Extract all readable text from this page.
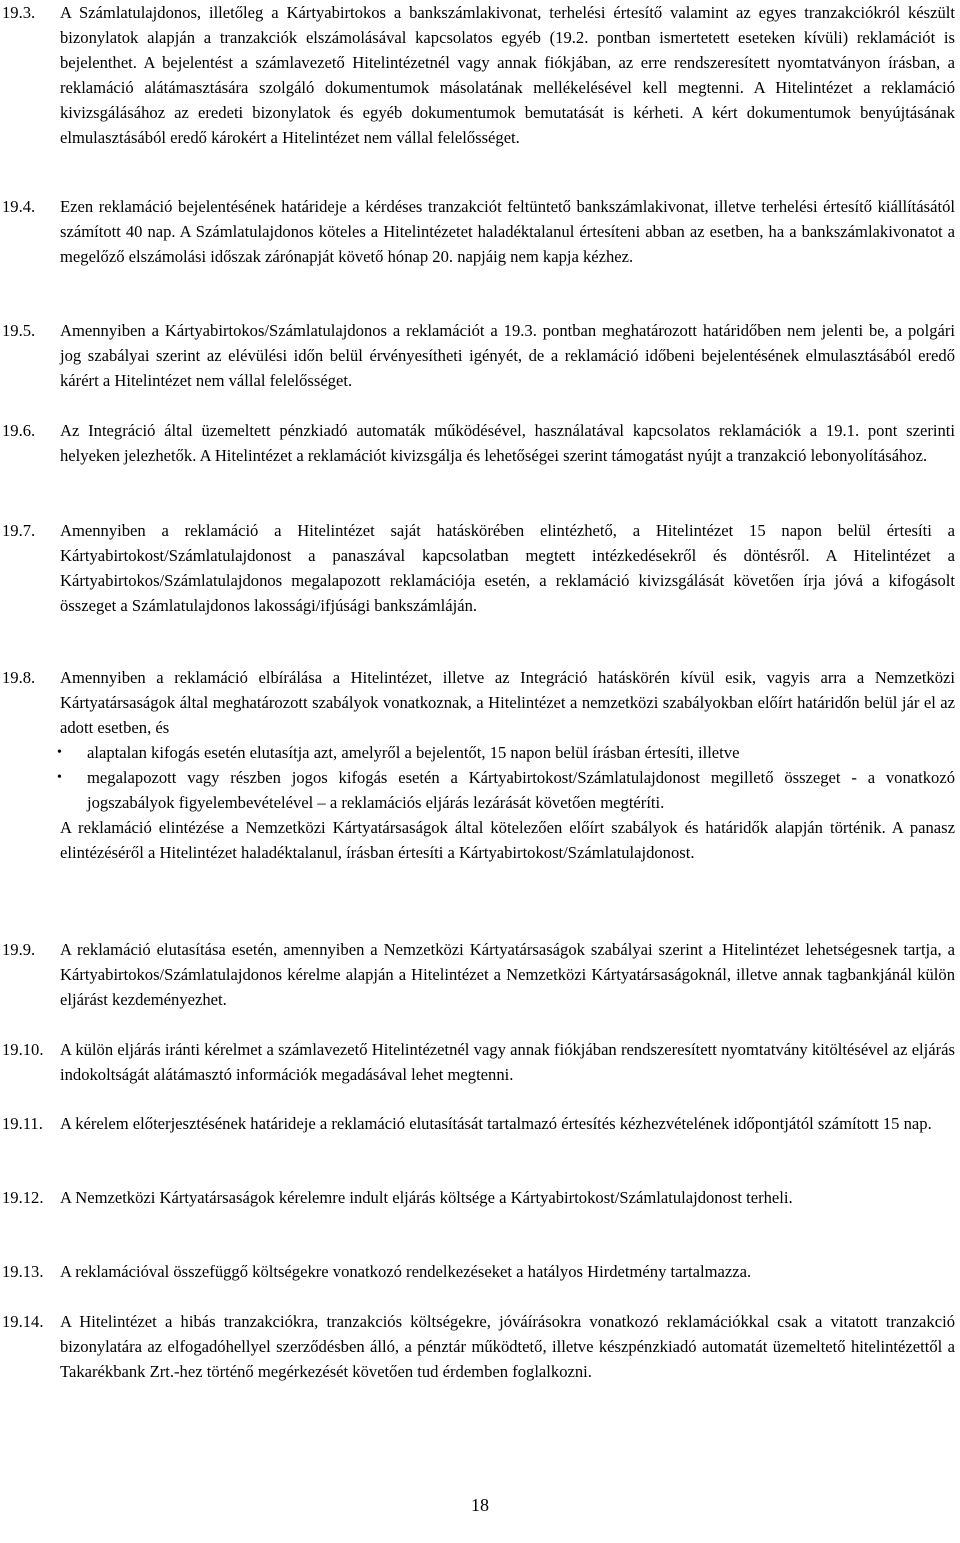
19.3.	A Számlatulajdonos, illetőleg a Kártyabirtokos a bankszámlakivonat, terhelési értesítő valamint az egyes tranzakciókról készült bizonylatok alapján a tranzakciók elszámolásával kapcsolatos egyéb (19.2. pontban ismertetett eseteken kívüli) reklamációt is bejelenthet. A bejelentést a számlavezető Hitelintézetnél vagy annak fiókjában, az erre rendszeresített nyomtatványon írásban, a reklamáció alátámasztására szolgáló dokumentumok másolatának mellékelésével kell megtenni. A Hitelintézet a reklamáció kivizsgálásához az eredeti bizonylatok és egyéb dokumentumok bemutatását is kérheti. A kért dokumentumok benyújtásának elmulasztásából eredő károkért a Hitelintézet nem vállal felelősséget.
19.4.	Ezen reklamáció bejelentésének határideje a kérdéses tranzakciót feltüntető bankszámlakivonat, illetve terhelési értesítő kiállításától számított 40 nap. A Számlatulajdonos köteles a Hitelintézetet haladéktalanul értesíteni abban az esetben, ha a bankszámlakivonatot a megelőző elszámolási időszak zárónapját követő hónap 20. napjáig nem kapja kézhez.
19.5.	Amennyiben a Kártyabirtokos/Számlatulajdonos a reklamációt a 19.3. pontban meghatározott határidőben nem jelenti be, a polgári jog szabályai szerint az elévülési időn belül érvényesítheti igényét, de a reklamáció időbeni bejelentésének elmulasztásából eredő kárért a Hitelintézet nem vállal felelősséget.
19.6.	Az Integráció által üzemeltett pénzkiadó automaták működésével, használatával kapcsolatos reklamációk a 19.1. pont szerinti helyeken jelezhetők. A Hitelintézet a reklamációt kivizsgálja és lehetőségei szerint támogatást nyújt a tranzakció lebonyolításához.
19.7.	Amennyiben a reklamáció a Hitelintézet saját hatáskörében elintézhető, a Hitelintézet 15 napon belül értesíti a Kártyabirtokost/Számlatulajdonost a panaszával kapcsolatban megtett intézkedésekről és döntésről. A Hitelintézet a Kártyabirtokos/Számlatulajdonos megalapozott reklamációja esetén, a reklamáció kivizsgálását követően írja jóvá a kifogásolt összeget a Számlatulajdonos lakossági/ifjúsági bankszámláján.
19.8.	Amennyiben a reklamáció elbírálása a Hitelintézet, illetve az Integráció hatáskörén kívül esik, vagyis arra a Nemzetközi Kártyatársaságok által meghatározott szabályok vonatkoznak, a Hitelintézet a nemzetközi szabályokban előírt határidőn belül jár el az adott esetben, és

•	alaptalan kifogás esetén elutasítja azt, amelyről a bejelentőt, 15 napon belül írásban értesíti, illetve
•	megalapozott vagy részben jogos kifogás esetén a Kártyabirtokost/Számlatulajdonost megillető összeget - a vonatkozó jogszabályok figyelembevételével – a reklamációs eljárás lezárását követően megtéríti.

A reklamáció elintézése a Nemzetközi Kártyatársaságok által kötelezően előírt szabályok és határidők alapján történik. A panasz elintézéséről a Hitelintézet haladéktalanul, írásban értesíti a Kártyabirtokost/Számlatulajdonost.

19.9.	A reklamáció elutasítása esetén, amennyiben a Nemzetközi Kártyatársaságok szabályai szerint a Hitelintézet lehetségesnek tartja, a Kártyabirtokos/Számlatulajdonos kérelme alapján a Hitelintézet a Nemzetközi Kártyatársaságoknál, illetve annak tagbankjánál külön eljárást kezdeményezhet.
19.10. A külön eljárás iránti kérelmet a számlavezető Hitelintézetnél vagy annak fiókjában rendszeresített nyomtatvány kitöltésével az eljárás indokoltságát alátámasztó információk megadásával lehet megtenni.
19.11.	A kérelem előterjesztésének határideje a reklamáció elutasítását tartalmazó értesítés kézhezvételének időpontjától számított 15 nap.
19.12. A Nemzetközi Kártyatársaságok kérelemre indult eljárás költsége a Kártyabirtokost/Számlatulajdonost terheli.
19.13. A reklamációval összefüggő költségekre vonatkozó rendelkezéseket a hatályos Hirdetmény tartalmazza.
19.14. A Hitelintézet a hibás tranzakciókra, tranzakciós költségekre, jóváírásokra vonatkozó reklamációkkal csak a vitatott tranzakció bizonylatára az elfogadóhellyel szerződésben álló, a pénztár működtető, illetve készpénzkiadó automatát üzemeltető hitelintézettől a Takarékbank Zrt.-hez történő megérkezését követően tud érdemben foglalkozni.
18
